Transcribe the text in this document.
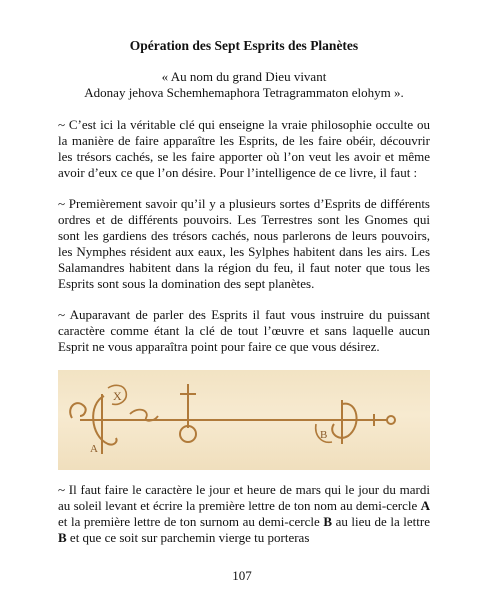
Opération des Sept Esprits des Planètes
« Au nom du grand Dieu vivant
Adonay jehova Schemhemaphora Tetragrammaton elohym ».

~ C’est ici la véritable clé qui enseigne la vraie philosophie occulte ou la manière de faire apparaître les Esprits, de les faire obéir, découvrir les trésors cachés, se les faire apporter où l’on veut les avoir et même avoir d’eux ce que l’on désire. Pour l’intelligence de ce livre, il faut :

~ Premièrement savoir qu’il y a plusieurs sortes d’Esprits de différents ordres et de différents pouvoirs. Les Terrestres sont les Gnomes qui sont les gardiens des trésors cachés, nous parlerons de leurs pouvoirs, les Nymphes résident aux eaux, les Sylphes habitent dans les airs. Les Salamandres habitent dans la région du feu, il faut noter que tous les Esprits sont sous la domination des sept planètes.

~ Auparavant de parler des Esprits il faut vous instruire du puissant caractère comme étant la clé de tout l’œuvre et sans laquelle aucun Esprit ne vous apparaîtra point pour faire ce que vous désirez.

X
A
B

~ Il faut faire le caractère le jour et heure de mars qui le jour du mardi au soleil levant et écrire la première lettre de ton nom au demi-cercle A et la première lettre de ton surnom au demi-cercle B au lieu de la lettre B et que ce soit sur parchemin vierge tu porteras

107
